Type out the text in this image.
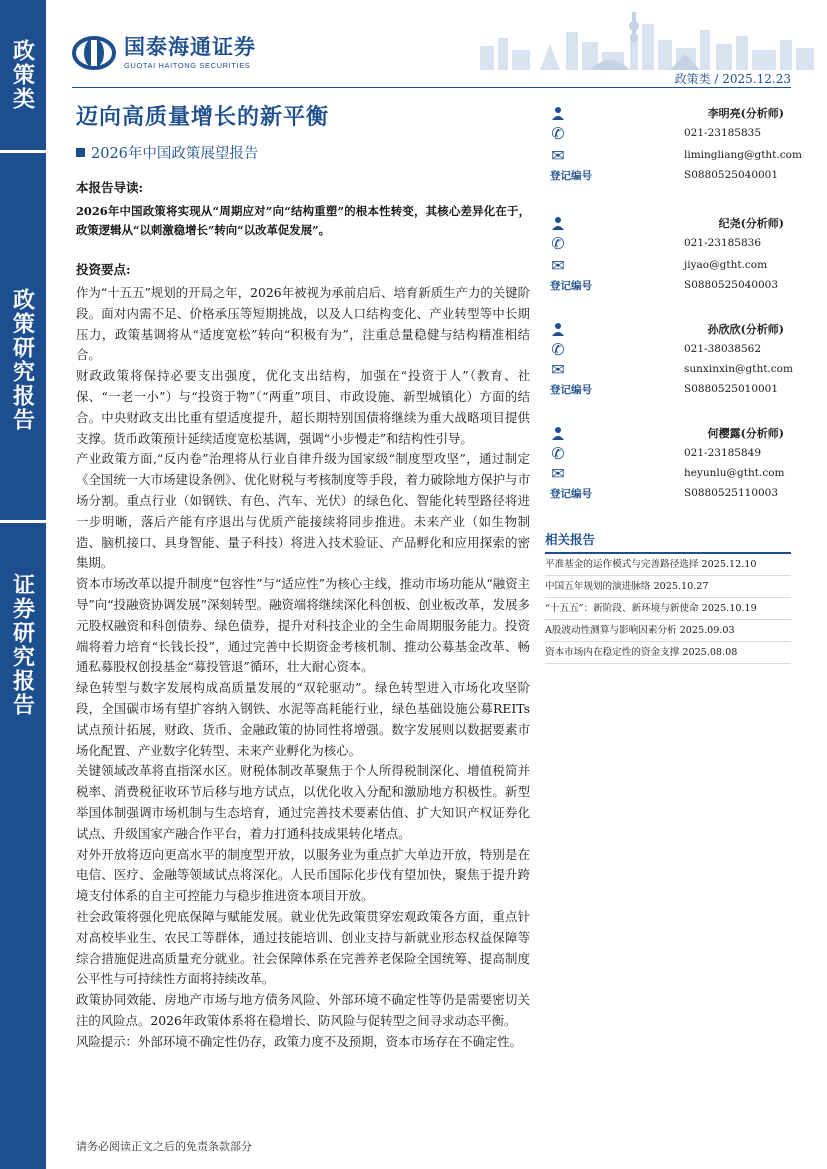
政策类
政策研究报告
证券研究报告
国泰海通证券
GUOTAI HAITONG SECURITIES
政策类 / 2025.12.23
迈向高质量增长的新平衡
2026年中国政策展望报告
本报告导读:
2026年中国政策将实现从“周期应对”向“结构重塑”的根本性转变，其核心差异化在于，政策逻辑从“以刺激稳增长”转向“以改革促发展”。
投资要点:
作为“十五五”规划的开局之年，2026年被视为承前启后、培育新质生产力的关键阶段。面对内需不足、价格承压等短期挑战，以及人口结构变化、产业转型等中长期压力，政策基调将从“适度宽松”转向“积极有为”，注重总量稳健与结构精准相结合。
财政政策将保持必要支出强度，优化支出结构，加强在“投资于人”（教育、社保、“一老一小”）与“投资于物”（“两重”项目、市政设施、新型城镇化）方面的结合。中央财政支出比重有望适度提升，超长期特别国债将继续为重大战略项目提供支撑。货币政策预计延续适度宽松基调，强调“小步慢走”和结构性引导。
产业政策方面,“反内卷”治理将从行业自律升级为国家级“制度型攻坚”，通过制定《全国统一大市场建设条例》、优化财税与考核制度等手段，着力破除地方保护与市场分割。重点行业（如钢铁、有色、汽车、光伏）的绿色化、智能化转型路径将进一步明晰，落后产能有序退出与优质产能接续将同步推进。未来产业（如生物制造、脑机接口、具身智能、量子科技）将进入技术验证、产品孵化和应用探索的密集期。
资本市场改革以提升制度“包容性”与“适应性”为核心主线，推动市场功能从“融资主导”向“投融资协调发展”深刻转型。融资端将继续深化科创板、创业板改革，发展多元股权融资和科创债券、绿色债券，提升对科技企业的全生命周期服务能力。投资端将着力培育“长钱长投”，通过完善中长期资金考核机制、推动公募基金改革、畅通私募股权创投基金“募投管退”循环，壮大耐心资本。
绿色转型与数字发展构成高质量发展的“双轮驱动”。绿色转型进入市场化攻坚阶段，全国碳市场有望扩容纳入钢铁、水泥等高耗能行业，绿色基础设施公募REITs试点预计拓展，财政、货币、金融政策的协同性将增强。数字发展则以数据要素市场化配置、产业数字化转型、未来产业孵化为核心。
关键领域改革将直指深水区。财税体制改革聚焦于个人所得税制深化、增值税简并税率、消费税征收环节后移与地方试点，以优化收入分配和激励地方积极性。新型举国体制强调市场机制与生态培育，通过完善技术要素估值、扩大知识产权证券化试点、升级国家产融合作平台，着力打通科技成果转化堵点。
对外开放将迈向更高水平的制度型开放，以服务业为重点扩大单边开放，特别是在电信、医疗、金融等领域试点将深化。人民币国际化步伐有望加快，聚焦于提升跨境支付体系的自主可控能力与稳步推进资本项目开放。
社会政策将强化兜底保障与赋能发展。就业优先政策贯穿宏观政策各方面，重点针对高校毕业生、农民工等群体，通过技能培训、创业支持与新就业形态权益保障等综合措施促进高质量充分就业。社会保障体系在完善养老保险全国统筹、提高制度公平性与可持续性方面将持续改革。
政策协同效能、房地产市场与地方债务风险、外部环境不确定性等仍是需要密切关注的风险点。2026年政策体系将在稳增长、防风险与促转型之间寻求动态平衡。
风险提示：外部环境不确定性仍存，政策力度不及预期，资本市场存在不确定性。
李明亮(分析师)
✆	021-23185835
✉	limingliang@gtht.com
登记编号	S0880525040001
纪尧(分析师)
✆	021-23185836
✉	jiyao@gtht.com
登记编号	S0880525040003
孙欣欣(分析师)
✆	021-38038562
✉	sunxinxin@gtht.com
登记编号	S0880525010001
何樱露(分析师)
✆	021-23185849
✉	heyunlu@gtht.com
登记编号	S0880525110003
相关报告
平准基金的运作模式与完善路径选择 2025.12.10
中国五年规划的演进脉络 2025.10.27
“十五五”：新阶段、新环境与新使命 2025.10.19
A股波动性测算与影响因素分析 2025.09.03
资本市场内在稳定性的资金支撑 2025.08.08
请务必阅读正文之后的免责条款部分
